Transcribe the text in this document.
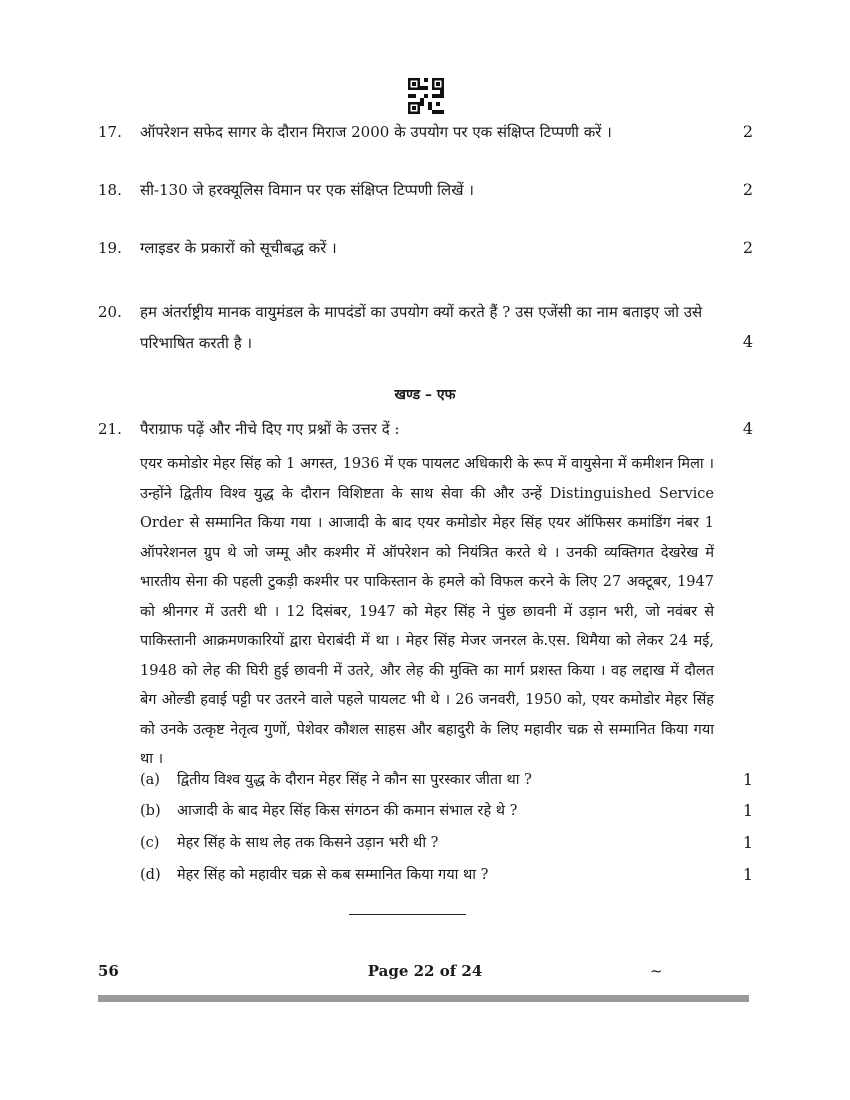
17.	ऑपरेशन सफेद सागर के दौरान मिराज 2000 के उपयोग पर एक संक्षिप्त टिप्पणी करें ।	2
18.	सी-130 जे हरक्यूलिस विमान पर एक संक्षिप्त टिप्पणी लिखें ।	2
19.	ग्लाइडर के प्रकारों को सूचीबद्ध करें ।	2
20.	हम अंतर्राष्ट्रीय मानक वायुमंडल के मापदंडों का उपयोग क्यों करते हैं ? उस एजेंसी का नाम बताइए जो उसे परिभाषित करती है ।	4
खण्ड – एफ
21.	पैराग्राफ पढ़ें और नीचे दिए गए प्रश्नों के उत्तर दें :	4
एयर कमोडोर मेहर सिंह को 1 अगस्त, 1936 में एक पायलट अधिकारी के रूप में वायुसेना में कमीशन मिला । उन्होंने द्वितीय विश्व युद्ध के दौरान विशिष्टता के साथ सेवा की और उन्हें Distinguished Service Order से सम्मानित किया गया । आजादी के बाद एयर कमोडोर मेहर सिंह एयर ऑफिसर कमांडिंग नंबर 1 ऑपरेशनल ग्रुप थे जो जम्मू और कश्मीर में ऑपरेशन को नियंत्रित करते थे । उनकी व्यक्तिगत देखरेख में भारतीय सेना की पहली टुकड़ी कश्मीर पर पाकिस्तान के हमले को विफल करने के लिए 27 अक्टूबर, 1947 को श्रीनगर में उतरी थी । 12 दिसंबर, 1947 को मेहर सिंह ने पुंछ छावनी में उड़ान भरी, जो नवंबर से पाकिस्तानी आक्रमणकारियों द्वारा घेराबंदी में था । मेहर सिंह मेजर जनरल के.एस. थिमैया को लेकर 24 मई, 1948 को लेह की घिरी हुई छावनी में उतरे, और लेह की मुक्ति का मार्ग प्रशस्त किया । वह लद्दाख में दौलत बेग ओल्डी हवाई पट्टी पर उतरने वाले पहले पायलट भी थे । 26 जनवरी, 1950 को, एयर कमोडोर मेहर सिंह को उनके उत्कृष्ट नेतृत्व गुणों, पेशेवर कौशल साहस और बहादुरी के लिए महावीर चक्र से सम्मानित किया गया था ।
(a) द्वितीय विश्व युद्ध के दौरान मेहर सिंह ने कौन सा पुरस्कार जीता था ?	1
(b) आजादी के बाद मेहर सिंह किस संगठन की कमान संभाल रहे थे ?	1
(c) मेहर सिंह के साथ लेह तक किसने उड़ान भरी थी ?	1
(d) मेहर सिंह को महावीर चक्र से कब सम्मानित किया गया था ?	1
56	Page 22 of 24	~
